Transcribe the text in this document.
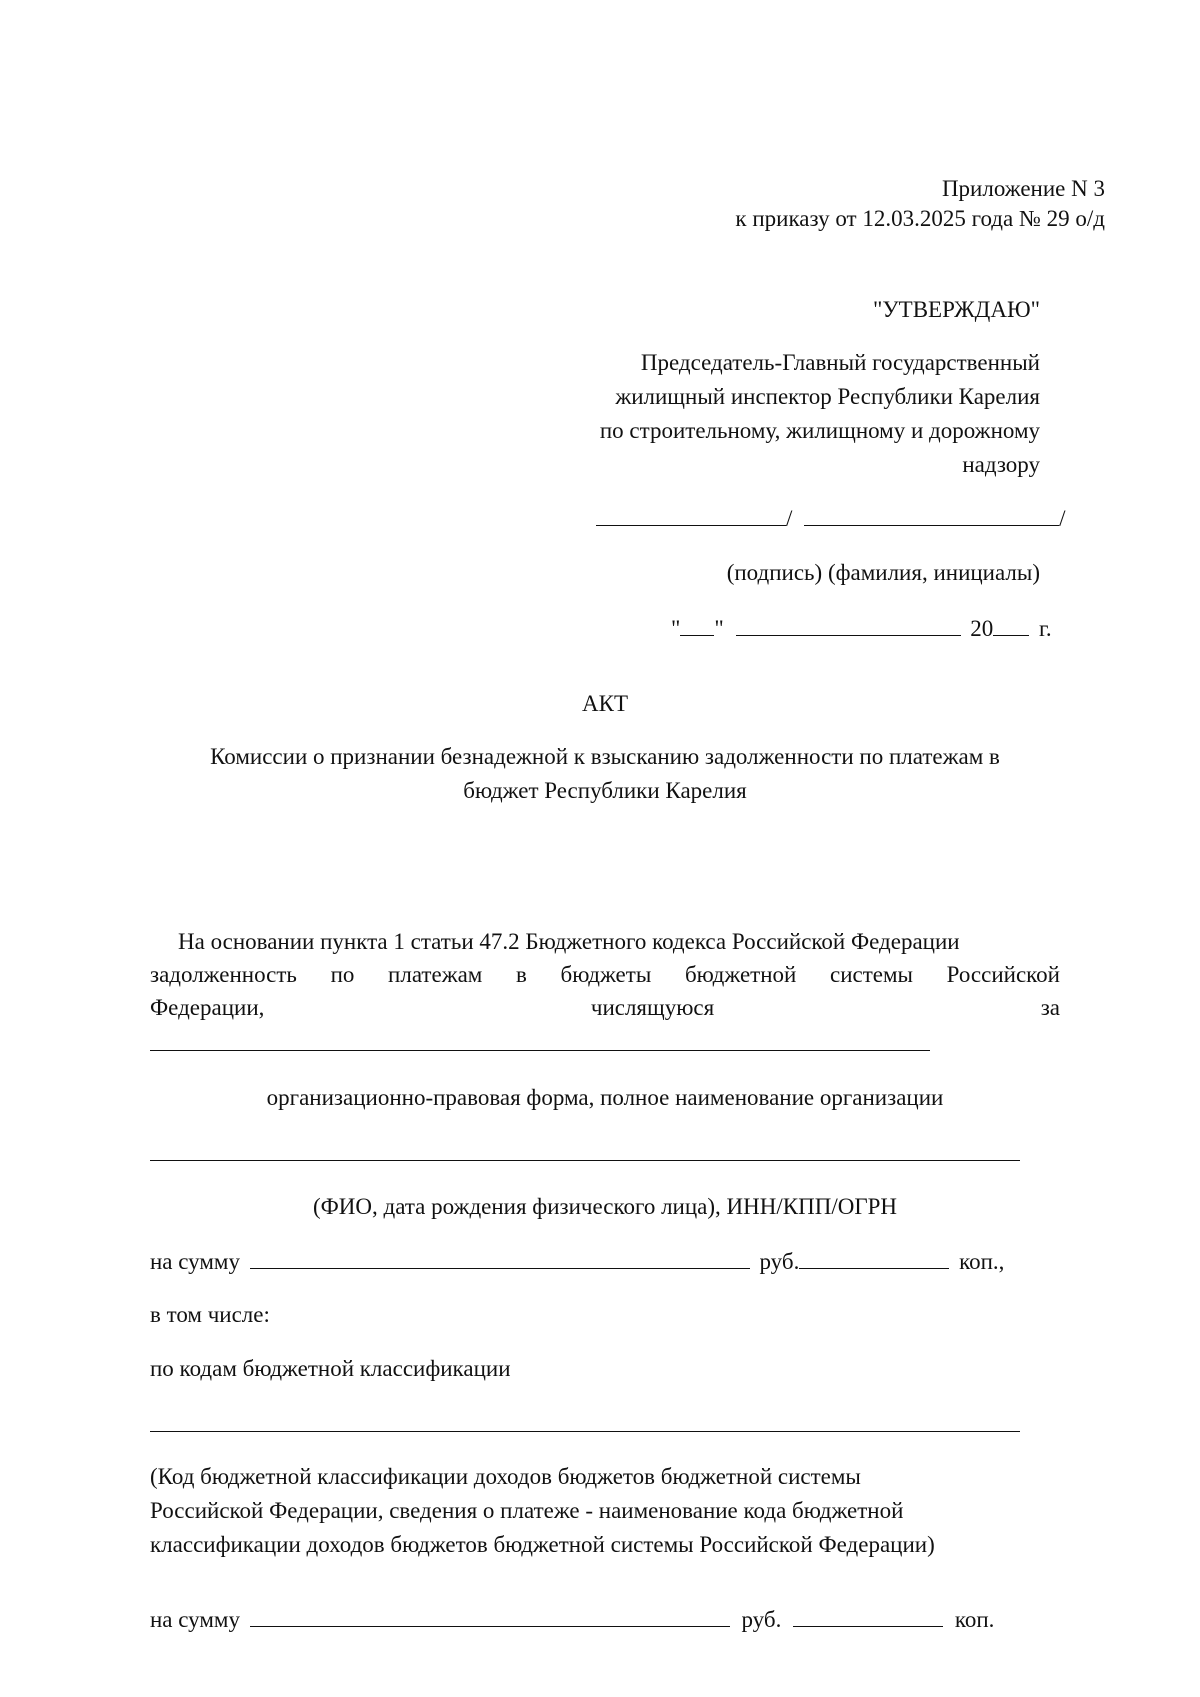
Приложение N 3

к приказу от 12.03.2025 года № 29 о/д

"УТВЕРЖДАЮ"

Председатель-Главный государственный
жилищный инспектор Республики Карелия
по строительному, жилищному и дорожному
надзору
/	/

(подпись) (фамилия, инициалы)

" "	20 г.

АКТ

Комиссии о признании безнадежной к взысканию задолженности по платежам в
бюджет Республики Карелия

На основании пункта 1 статьи 47.2 Бюджетного кодекса Российской Федерации

задолженность по платежам в бюджеты бюджетной системы Российской
Федерации,	числящуюся	за

организационно-правовая форма, полное наименование организации

(ФИО, дата рождения физического лица), ИНН/КПП/ОГРН

на сумму	руб.	коп.,

в том числе:

по кодам бюджетной классификации

(Код бюджетной классификации доходов бюджетов бюджетной системы
Российской Федерации, сведения о платеже - наименование кода бюджетной
классификации доходов бюджетов бюджетной системы Российской Федерации)
на сумму	руб.	коп.
